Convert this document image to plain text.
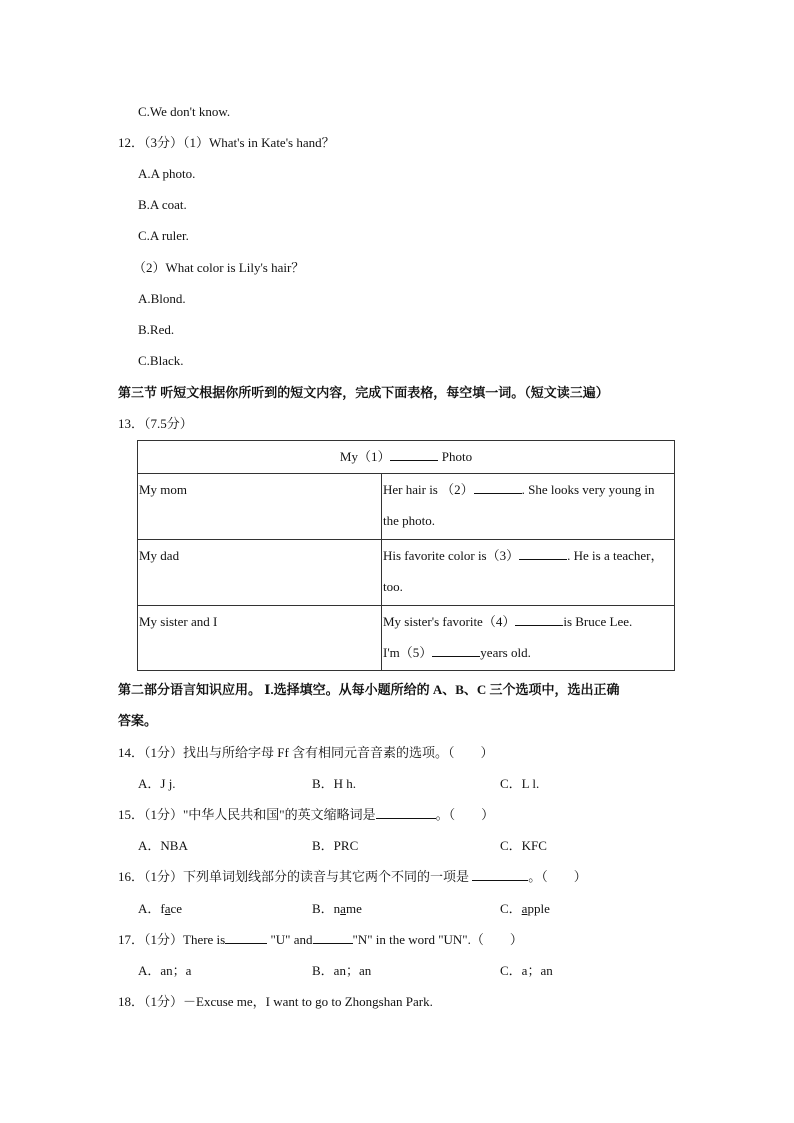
C.We don't know.
12．（3分）（1）What's in Kate's hand？
A.A photo.
B.A coat.
C.A ruler.
（2）What color is Lily's hair？
A.Blond.
B.Red.
C.Black.
第三节 听短文根据你所听到的短文内容，完成下面表格，每空填一词。（短文读三遍）
13．（7.5分）
My（1） Photo	
My mom	Her hair is （2） . She looks very young in
the photo.

My dad	His favorite color is（3） . He is a teacher，
too.

My sister and I	My sister's favorite（4） is Bruce Lee.
I'm（5） years old.
第二部分语言知识应用。 Ⅰ.选择填空。从每小题所给的 A、B、C 三个选项中，选出正确
答案。
14．（1分）找出与所给字母 Ff 含有相同元音音素的选项。（　　）
A．J j.	B．H h.	C．L l.
15．（1分）"中华人民共和国"的英文缩略词是	。（　　）
A．NBA	B．PRC	C．KFC
16．（1分）下列单词划线部分的读音与其它两个不同的一项是	。（　　）
A．face	B．name	C．apple
17．（1分）There is	"U" and	"N" in the word "UN".（　　）
A．an；a	B．an；an	C．a；an
18．（1分）－Excuse me，I want to go to Zhongshan Park.
